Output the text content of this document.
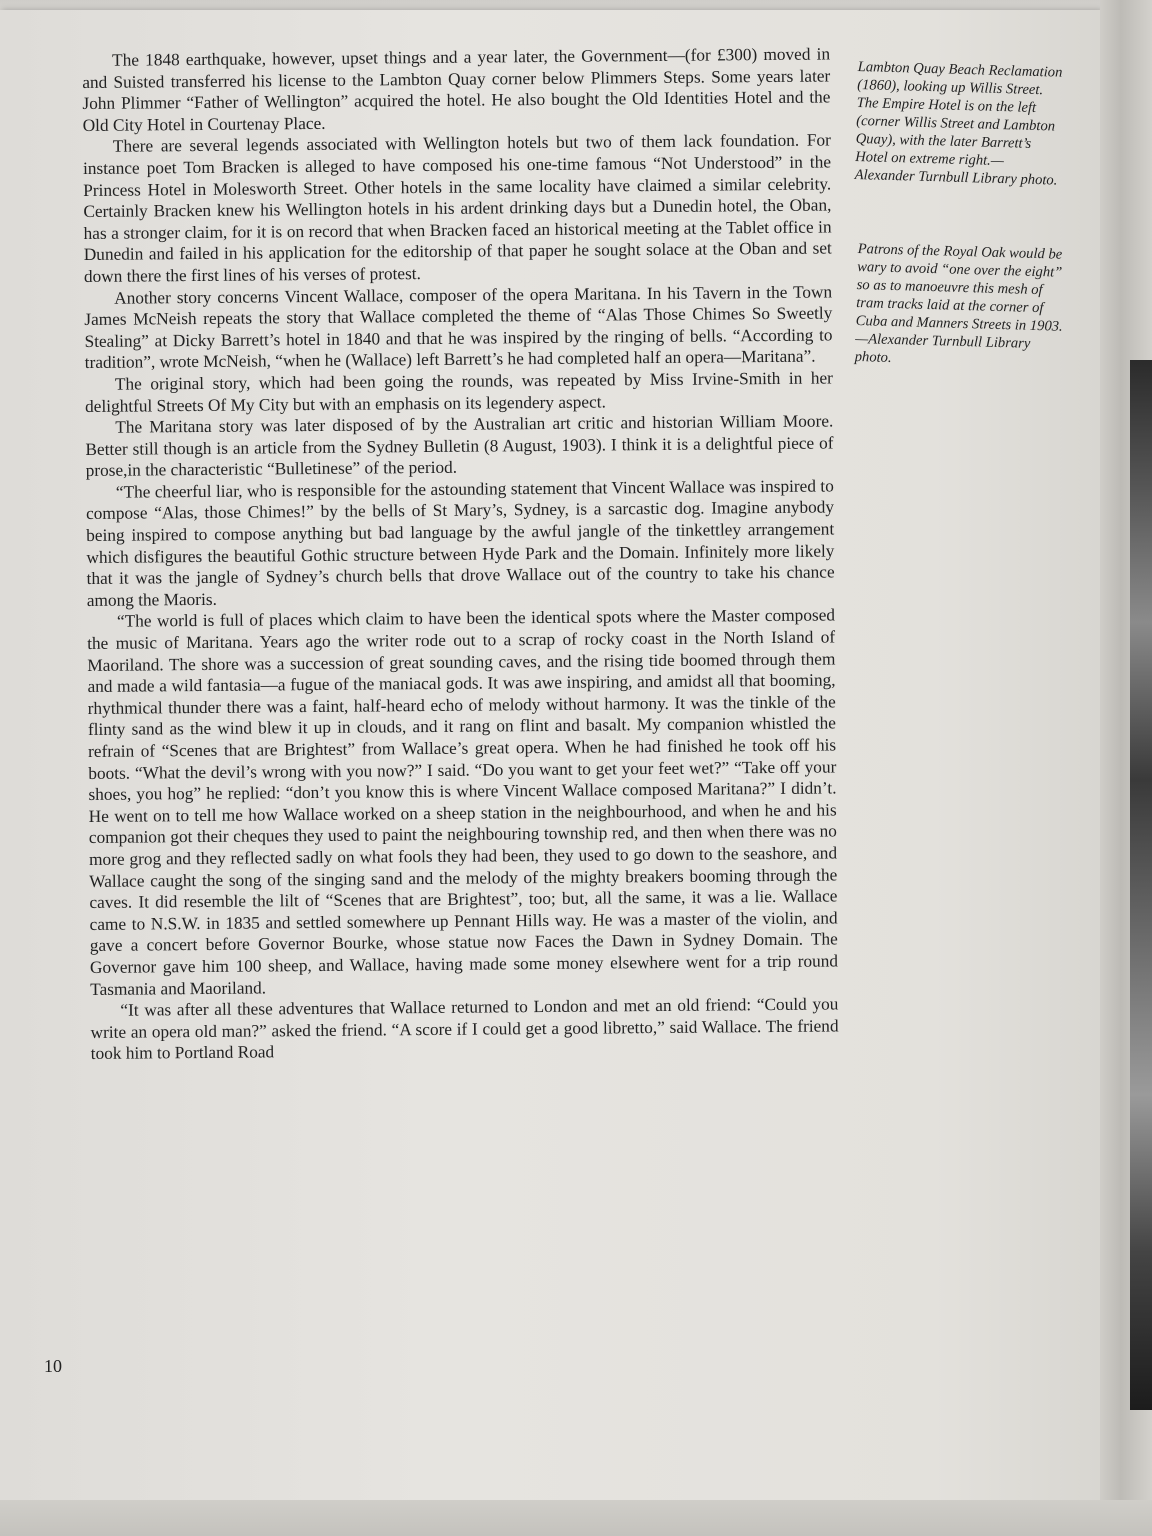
The 1848 earthquake, however, upset things and a year later, the Government—(for £300) moved in and Suisted transferred his license to the Lambton Quay corner below Plimmers Steps. Some years later John Plimmer “Father of Wellington” acquired the hotel. He also bought the Old Identities Hotel and the Old City Hotel in Courtenay Place.

There are several legends associated with Wellington hotels but two of them lack foundation. For instance poet Tom Bracken is alleged to have composed his one-time famous “Not Understood” in the Princess Hotel in Molesworth Street. Other hotels in the same locality have claimed a similar celebrity. Certainly Bracken knew his Wellington hotels in his ardent drinking days but a Dunedin hotel, the Oban, has a stronger claim, for it is on record that when Bracken faced an historical meeting at the Tablet office in Dunedin and failed in his application for the editorship of that paper he sought solace at the Oban and set down there the first lines of his verses of protest.

Another story concerns Vincent Wallace, composer of the opera Maritana. In his Tavern in the Town James McNeish repeats the story that Wallace completed the theme of “Alas Those Chimes So Sweetly Stealing” at Dicky Barrett’s hotel in 1840 and that he was inspired by the ringing of bells. “According to tradition”, wrote McNeish, “when he (Wallace) left Barrett’s he had completed half an opera—Maritana”.

The original story, which had been going the rounds, was repeated by Miss Irvine-Smith in her delightful Streets Of My City but with an emphasis on its legendery aspect.

The Maritana story was later disposed of by the Australian art critic and historian William Moore. Better still though is an article from the Sydney Bulletin (8 August, 1903). I think it is a delightful piece of prose,in the characteristic “Bulletinese” of the period.

“The cheerful liar, who is responsible for the astounding statement that Vincent Wallace was inspired to compose “Alas, those Chimes!” by the bells of St Mary’s, Sydney, is a sarcastic dog. Imagine anybody being inspired to compose anything but bad language by the awful jangle of the tinkettley arrangement which disfigures the beautiful Gothic structure between Hyde Park and the Domain. Infinitely more likely that it was the jangle of Sydney’s church bells that drove Wallace out of the country to take his chance among the Maoris.

“The world is full of places which claim to have been the identical spots where the Master composed the music of Maritana. Years ago the writer rode out to a scrap of rocky coast in the North Island of Maoriland. The shore was a succession of great sounding caves, and the rising tide boomed through them and made a wild fantasia—a fugue of the maniacal gods. It was awe inspiring, and amidst all that booming, rhythmical thunder there was a faint, half-heard echo of melody without harmony. It was the tinkle of the flinty sand as the wind blew it up in clouds, and it rang on flint and basalt. My companion whistled the refrain of “Scenes that are Brightest” from Wallace’s great opera. When he had finished he took off his boots. “What the devil’s wrong with you now?” I said. “Do you want to get your feet wet?” “Take off your shoes, you hog” he replied: “don’t you know this is where Vincent Wallace composed Maritana?” I didn’t. He went on to tell me how Wallace worked on a sheep station in the neighbourhood, and when he and his companion got their cheques they used to paint the neighbouring township red, and then when there was no more grog and they reflected sadly on what fools they had been, they used to go down to the seashore, and Wallace caught the song of the singing sand and the melody of the mighty breakers booming through the caves. It did resemble the lilt of “Scenes that are Brightest”, too; but, all the same, it was a lie. Wallace came to N.S.W. in 1835 and settled somewhere up Pennant Hills way. He was a master of the violin, and gave a concert before Governor Bourke, whose statue now Faces the Dawn in Sydney Domain. The Governor gave him 100 sheep, and Wallace, having made some money elsewhere went for a trip round Tasmania and Maoriland.

“It was after all these adventures that Wallace returned to London and met an old friend: “Could you write an opera old man?” asked the friend. “A score if I could get a good libretto,” said Wallace. The friend took him to Portland Road

Lambton Quay Beach Reclamation (1860), looking up Willis Street. The Empire Hotel is on the left (corner Willis Street and Lambton Quay), with the later Barrett’s Hotel on extreme right.—Alexander Turnbull Library photo.
Patrons of the Royal Oak would be wary to avoid “one over the eight” so as to manoeuvre this mesh of tram tracks laid at the corner of Cuba and Manners Streets in 1903.—Alexander Turnbull Library photo.
10
